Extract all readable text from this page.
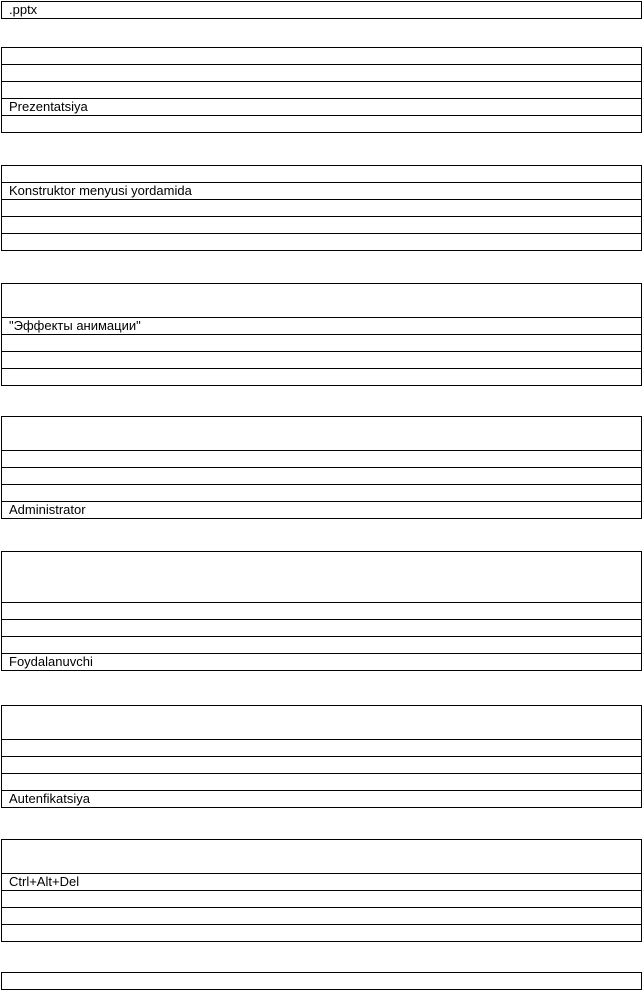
.pptx

Prezentatsiya

Konstruktor menyusi yordamida

"Эффекты анимации"

Administrator

Foydalanuvchi

Autenfikatsiya

Ctrl+Alt+Del
